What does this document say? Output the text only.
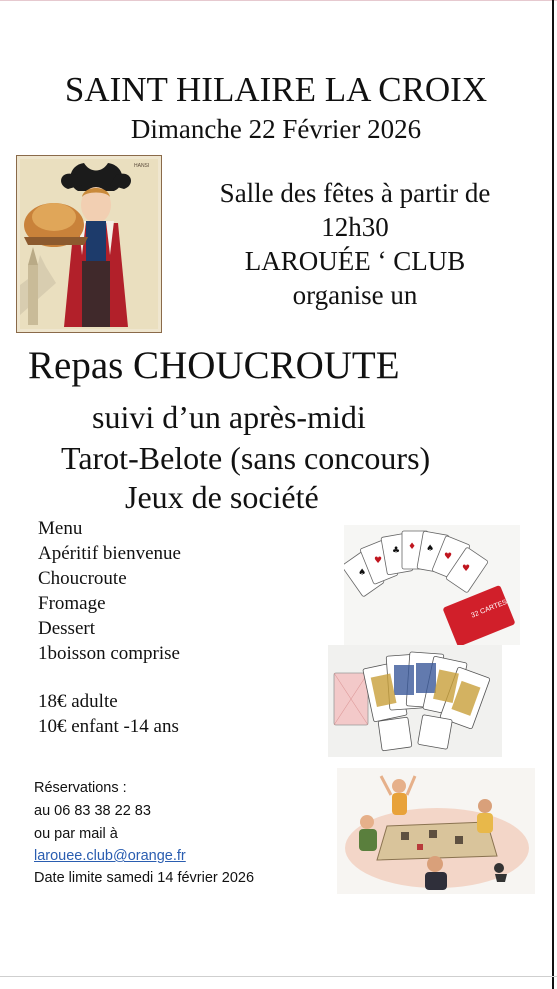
SAINT HILAIRE LA CROIX
Dimanche 22 Février 2026
HANSI
Salle des fêtes à partir de
12h30
LAROUÉE ‘ CLUB
organise un
Repas CHOUCROUTE
suivi d’un après-midi
Tarot-Belote (sans concours)
Jeux de société
Menu
Apéritif bienvenue
Choucroute
Fromage
Dessert
1boisson comprise
18€ adulte
10€ enfant -14 ans
♠
♥
♣ ♦ ♠
♥
♥
32 CARTES
Réservations :
au 06 83 38 22 83
ou par mail à
larouee.club@orange.fr
Date limite samedi 14 février 2026
